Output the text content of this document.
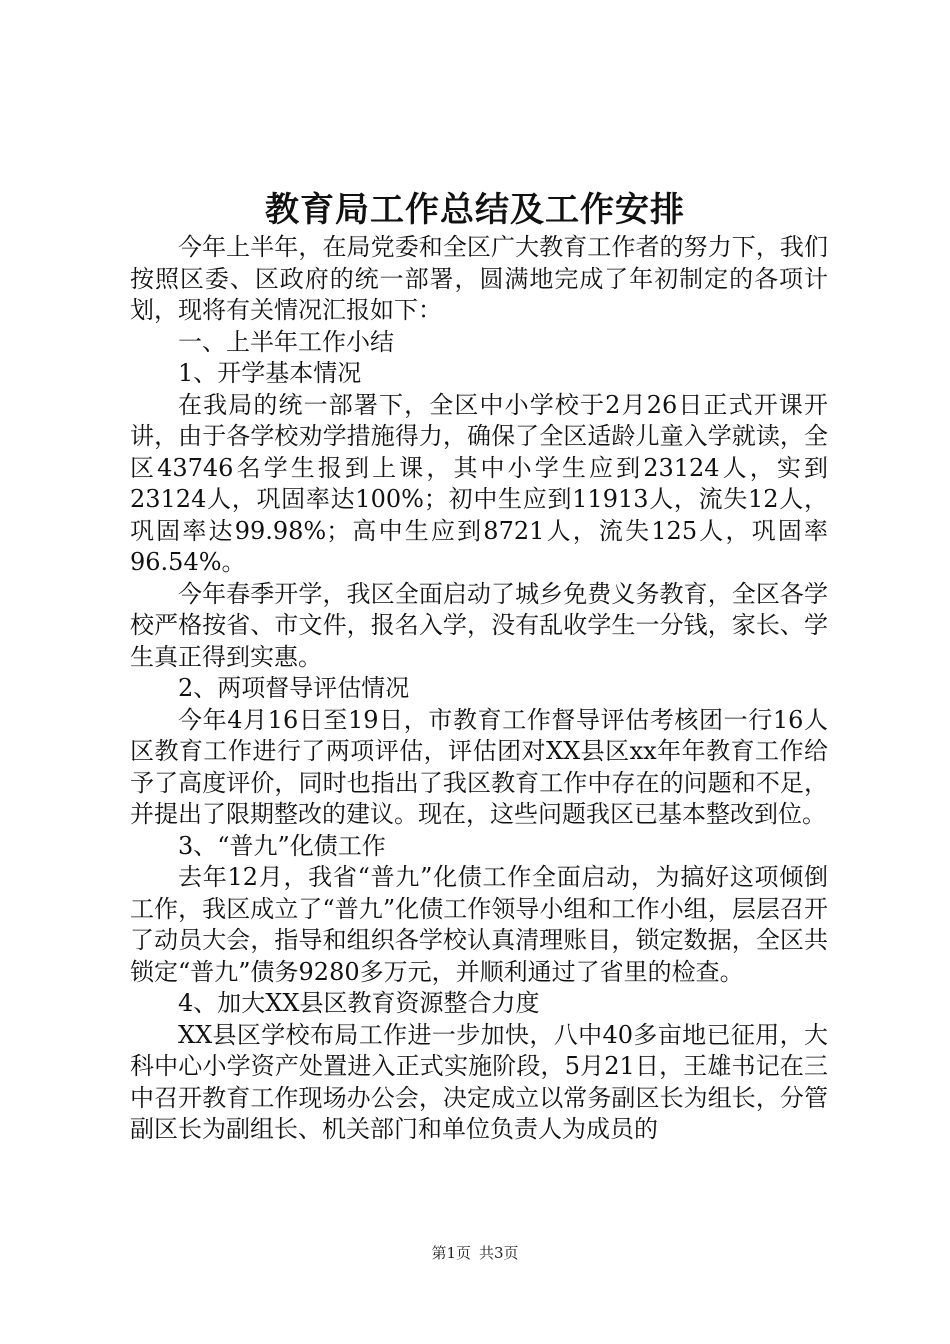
教育局工作总结及工作安排

今年上半年，在局党委和全区广大教育工作者的努力下，我们按照区委、区政府的统一部署，圆满地完成了年初制定的各项计划，现将有关情况汇报如下：

一、上半年工作小结

1、开学基本情况

在我局的统一部署下，全区中小学校于2月26日正式开课开讲，由于各学校劝学措施得力，确保了全区适龄儿童入学就读，全区43746名学生报到上课，其中小学生应到23124人，实到23124人，巩固率达100%；初中生应到11913人，流失12人，巩固率达99.98%；高中生应到8721人，流失125人，巩固率96.54%。

今年春季开学，我区全面启动了城乡免费义务教育，全区各学校严格按省、市文件，报名入学，没有乱收学生一分钱，家长、学生真正得到实惠。

2、两项督导评估情况

今年4月16日至19日，市教育工作督导评估考核团一行16人区教育工作进行了两项评估，评估团对XX县区xx年年教育工作给予了高度评价，同时也指出了我区教育工作中存在的问题和不足，并提出了限期整改的建议。现在，这些问题我区已基本整改到位。

3、“普九”化债工作

去年12月，我省“普九”化债工作全面启动，为搞好这项倾倒工作，我区成立了“普九”化债工作领导小组和工作小组，层层召开了动员大会，指导和组织各学校认真清理账目，锁定数据，全区共锁定“普九”债务9280多万元，并顺利通过了省里的检查。

4、加大XX县区教育资源整合力度

XX县区学校布局工作进一步加快，八中40多亩地已征用，大科中心小学资产处置进入正式实施阶段，5月21日，王雄书记在三中召开教育工作现场办公会，决定成立以常务副区长为组长，分管副区长为副组长、机关部门和单位负责人为成员的

第1页 共3页
